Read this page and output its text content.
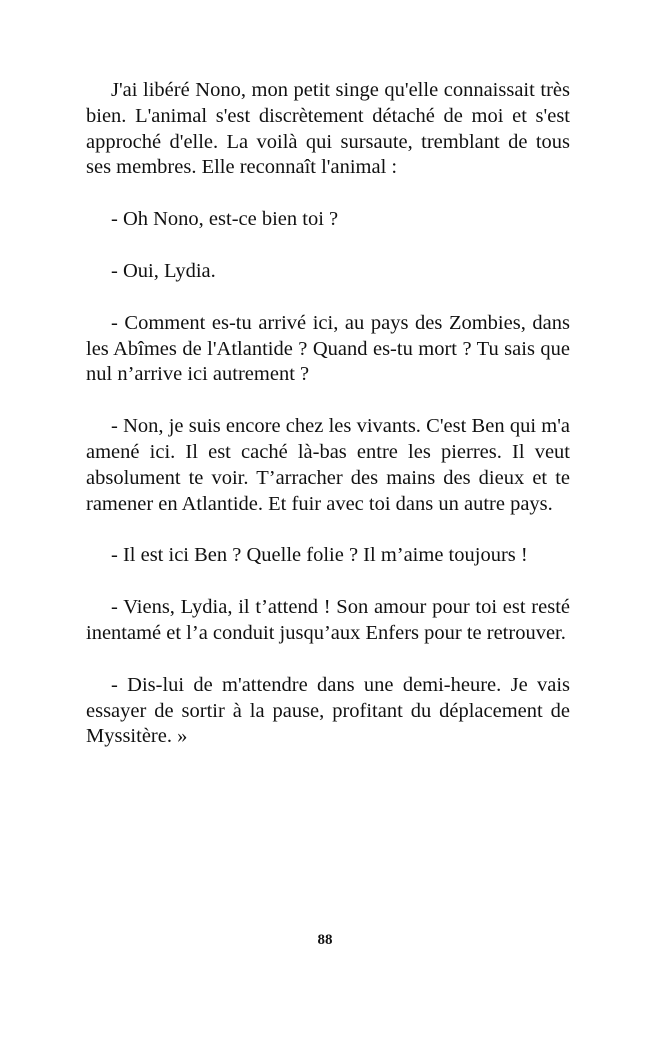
J'ai libéré Nono, mon petit singe qu'elle connaissait très bien. L'animal s'est discrètement détaché de moi et s'est approché d'elle. La voilà qui sursaute, tremblant de tous ses membres. Elle reconnaît l'animal :

- Oh Nono, est-ce bien toi ?

- Oui, Lydia.

- Comment es-tu arrivé ici, au pays des Zombies, dans les Abîmes de l'Atlantide ? Quand es-tu mort ? Tu sais que nul n’arrive ici autrement ?

- Non, je suis encore chez les vivants. C'est Ben qui m'a amené ici. Il est caché là-bas entre les pierres. Il veut absolument te voir. T’arracher des mains des dieux et te ramener en Atlantide. Et fuir avec toi dans un autre pays.

- Il est ici Ben ? Quelle folie ? Il m’aime toujours !

- Viens, Lydia, il t’attend ! Son amour pour toi est resté inentamé et l’a conduit jusqu’aux Enfers pour te retrouver.

- Dis-lui de m'attendre dans une demi-heure. Je vais essayer de sortir à la pause, profitant du déplacement de Myssitère. »

88
